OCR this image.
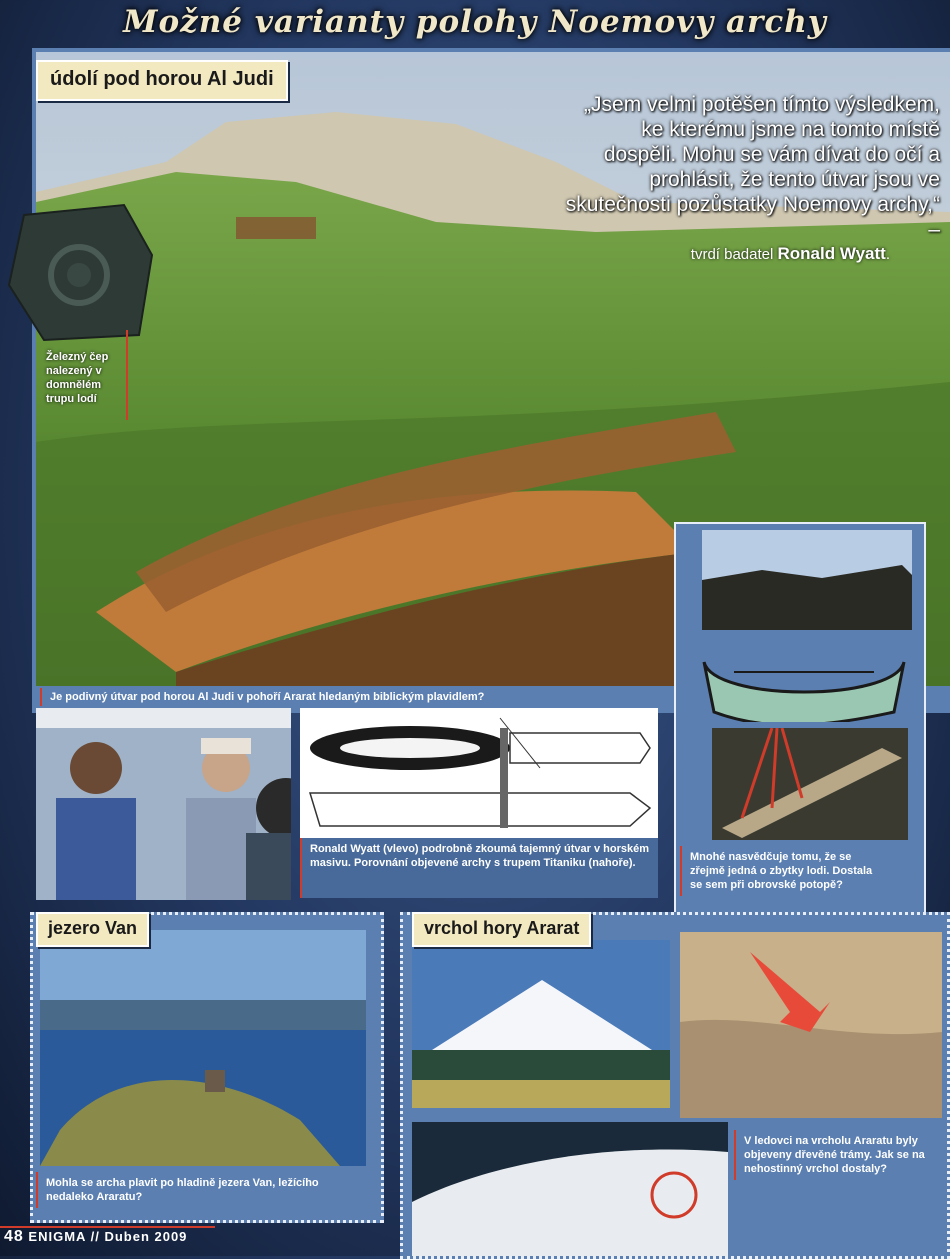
Možné varianty polohy Noemovy archy
údolí pod horou Al Judi
„Jsem velmi potěšen tímto výsledkem, ke kterému jsme na tomto místě dospěli. Mohu se vám dívat do očí a prohlásit, že tento útvar jsou ve skutečnosti pozůstatky Noemovy archy,“ –
tvrdí badatel Ronald Wyatt.
Železný čep nalezený v domnělém trupu lodí
Je podivný útvar pod horou Al Judi v pohoří Ararat hledaným biblickým plavidlem?
Ronald Wyatt (vlevo) podrobně zkoumá tajemný útvar v horském masivu. Porovnání objevené archy s trupem Titaniku (nahoře).	Mnohé nasvědčuje tomu, že se zřejmě jedná o zbytky lodi. Dostala se sem při obrovské potopě?
jezero Van
Mohla se archa plavit po hladině jezera Van, ležícího nedaleko Araratu?
vrchol hory Ararat
V ledovci na vrcholu Araratu byly objeveny dřevěné trámy. Jak se na nehostinný vrchol dostaly?
48 ENIGMA // Duben 2009
